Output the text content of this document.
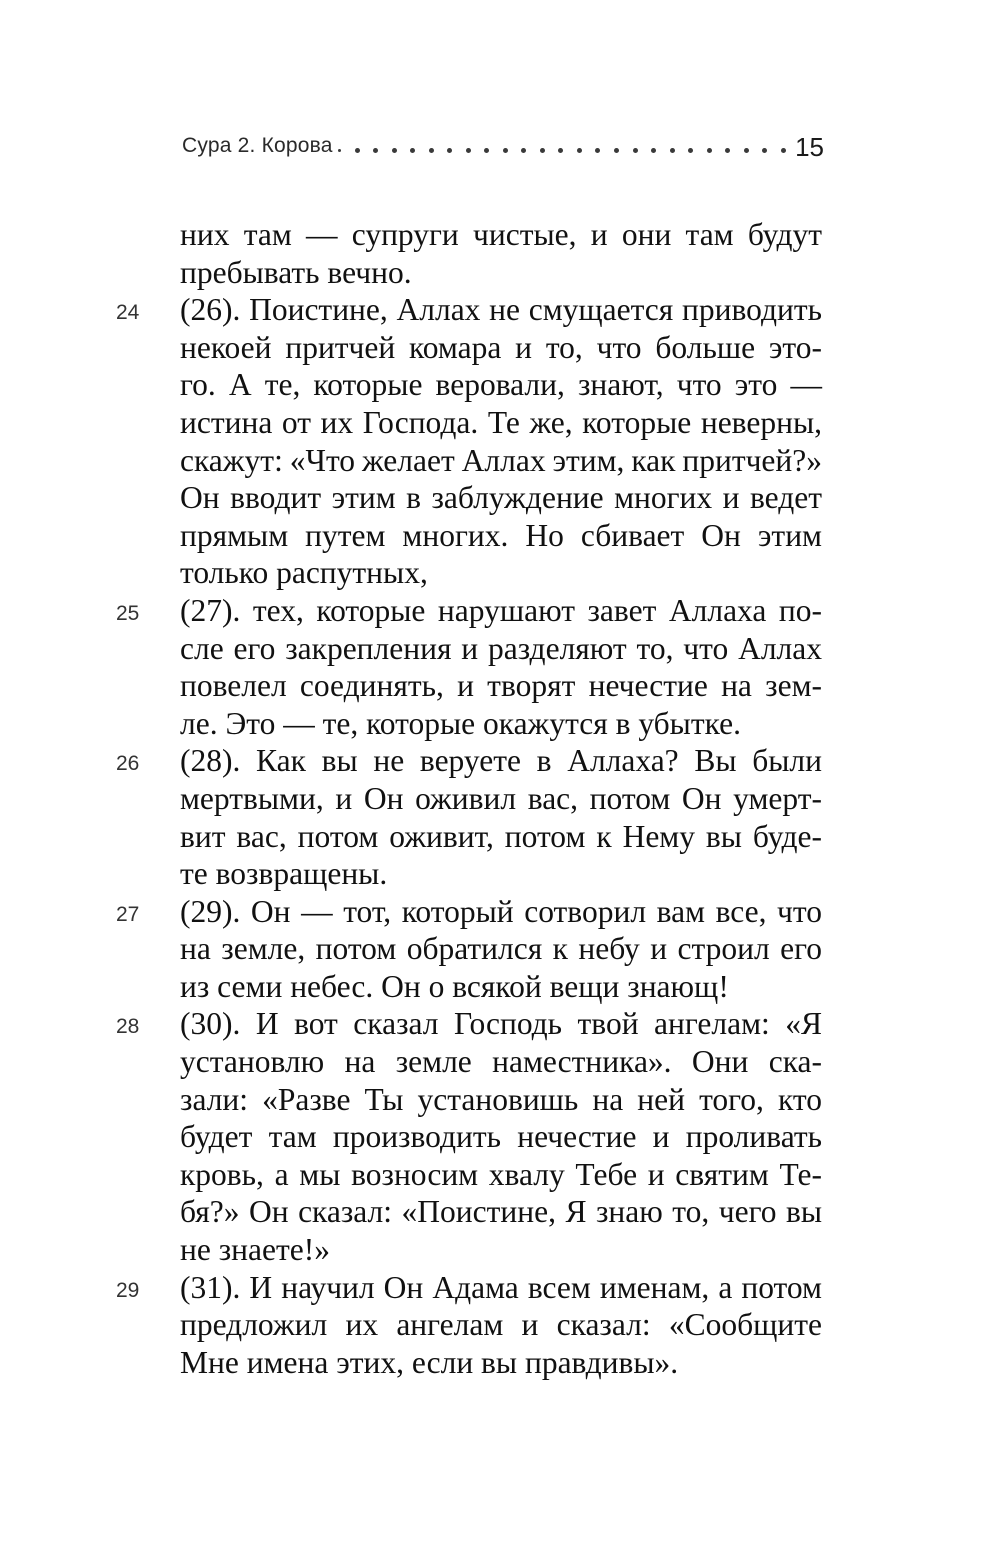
Сура 2. Корова	15
них там — супруги чистые, и они там будут
пребывать вечно.
24 (26). Поистине, Аллах не смущается приводить
некоей притчей комара и то, что больше это-
го. А те, которые веровали, знают, что это —
истина от их Господа. Те же, которые неверны,
скажут: «Что желает Аллах этим, как притчей?»
Он вводит этим в заблуждение многих и ведет
прямым путем многих. Но сбивает Он этим
только распутных,
25 (27). тех, которые нарушают завет Аллаха по-
сле его закрепления и разделяют то, что Аллах
повелел соединять, и творят нечестие на зем-
ле. Это — те, которые окажутся в убытке.
26 (28). Как вы не веруете в Аллаха? Вы были
мертвыми, и Он оживил вас, потом Он умерт-
вит вас, потом оживит, потом к Нему вы буде-
те возвращены.
27 (29). Он — тот, который сотворил вам все, что
на земле, потом обратился к небу и строил его
из семи небес. Он о всякой вещи знающ!
28 (30). И вот сказал Господь твой ангелам: «Я
установлю на земле наместника». Они ска-
зали: «Разве Ты установишь на ней того, кто
будет там производить нечестие и проливать
кровь, а мы возносим хвалу Тебе и святим Те-
бя?» Он сказал: «Поистине, Я знаю то, чего вы
не знаете!»
29 (31). И научил Он Адама всем именам, а потом
предложил их ангелам и сказал: «Сообщите
Мне имена этих, если вы правдивы».
